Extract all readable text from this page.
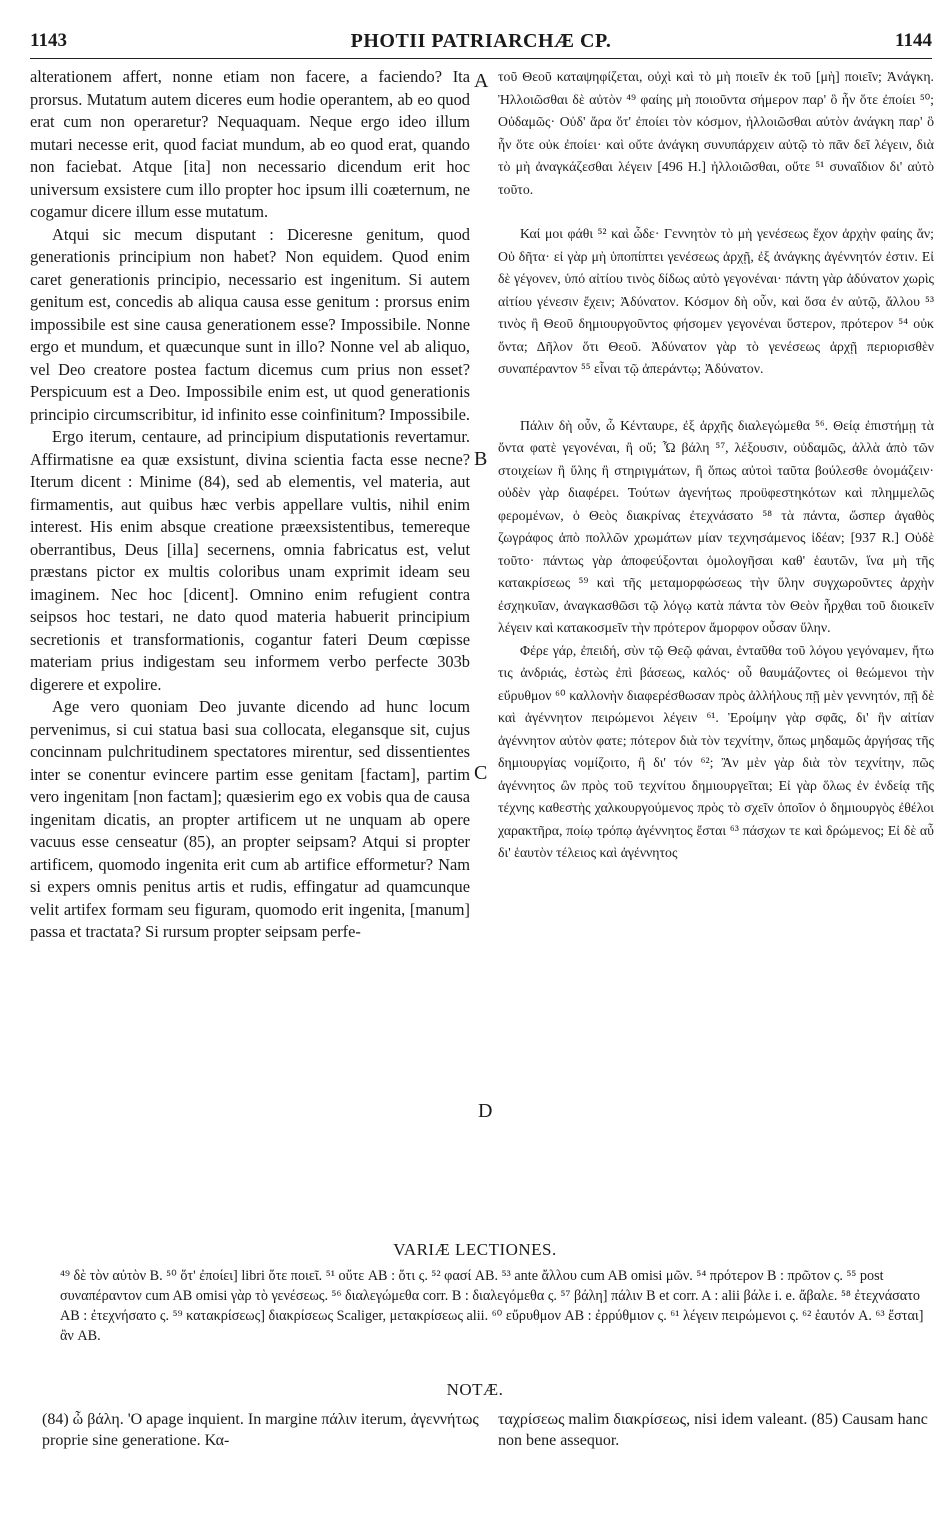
1143	PHOTII PATRIARCHÆ CP.	1144

alterationem affert, nonne etiam non facere, a faciendo? Ita prorsus. Mutatum autem diceres eum hodie operantem, ab eo quod erat cum non operaretur? Nequaquam. Neque ergo ideo illum mutari necesse erit, quod faciat mundum, ab eo quod erat, quando non faciebat. Atque [ita] non necessario dicendum erit hoc universum exsistere cum illo propter hoc ipsum illi coæternum, ne cogamur dicere illum esse mutatum.

Atqui sic mecum disputant : Diceresne genitum, quod generationis principium non habet? Non equidem. Quod enim caret generationis principio, necessario est ingenitum. Si autem genitum est, concedis ab aliqua causa esse genitum : prorsus enim impossibile est sine causa generationem esse? Impossibile. Nonne ergo et mundum, et quæcunque sunt in illo? Nonne vel ab aliquo, vel Deo creatore postea factum dicemus cum prius non esset? Perspicuum est a Deo. Impossibile enim est, ut quod generationis principio circumscribitur, id infinito esse coinfinitum? Impossibile.

Ergo iterum, centaure, ad principium disputationis revertamur. Affirmatisne ea quæ exsistunt, divina scientia facta esse necne? Iterum dicent : Minime (84), sed ab elementis, vel materia, aut firmamentis, aut quibus hæc verbis appellare vultis, nihil enim interest. His enim absque creatione præexsistentibus, temereque oberrantibus, Deus [illa] secernens, omnia fabricatus est, velut præstans pictor ex multis coloribus unam exprimit ideam seu imaginem. Nec hoc [dicent]. Omnino enim refugient contra seipsos hoc testari, ne dato quod materia habuerit principium secretionis et transformationis, cogantur fateri Deum cœpisse materiam prius indigestam seu informem verbo perfecte 303b digerere et expolire.

Age vero quoniam Deo juvante dicendo ad hunc locum pervenimus, si cui statua basi sua collocata, elegansque sit, cujus concinnam pulchritudinem spectatores mirentur, sed dissentientes inter se conentur evincere partim esse genitam [factam], partim vero ingenitam [non factam]; quæsierim ego ex vobis qua de causa ingenitam dicatis, an propter artificem ut ne unquam ab opere vacuus esse censeatur (85), an propter seipsam? Atqui si propter artificem, quomodo ingenita erit cum ab artifice efformetur? Nam si expers omnis penitus artis et rudis, effingatur ad quamcunque velit artifex formam seu figuram, quomodo erit ingenita, [manum] passa et tractata? Si rursum propter seipsam perfe-

A
B
C
D

τοῦ Θεοῦ καταψηφίζεται, οὐχὶ καὶ τὸ μὴ ποιεῖν ἐκ τοῦ [μὴ] ποιεῖν; Ἀνάγκη. Ἠλλοιῶσθαι δὲ αὐτὸν ⁴⁹ φαίης μὴ ποιοῦντα σήμερον παρ' ὃ ἦν ὅτε ἐποίει ⁵⁰; Οὐδαμῶς· Οὐδ' ἄρα ὅτ' ἐποίει τὸν κόσμον, ἠλλοιῶσθαι αὐτὸν ἀνάγκη παρ' ὃ ἦν ὅτε οὐκ ἐποίει· καὶ οὔτε ἀνάγκη συνυπάρχειν αὐτῷ τὸ πᾶν δεῖ λέγειν, διὰ τὸ μὴ ἀναγκάζεσθαι λέγειν [496 H.] ἠλλοιῶσθαι, οὔτε ⁵¹ συναΐδιον δι' αὐτὸ τοῦτο.

Καί μοι φάθι ⁵² καὶ ὧδε· Γεννητὸν τὸ μὴ γενέσεως ἔχον ἀρχὴν φαίης ἄν; Οὐ δῆτα· εἰ γὰρ μὴ ὑποπίπτει γενέσεως ἀρχῇ, ἐξ ἀνάγκης ἀγέννητόν ἐστιν. Εἰ δὲ γέγονεν, ὑπό αἰτίου τινὸς δίδως αὐτὸ γεγονέναι· πάντη γὰρ ἀδύνατον χωρὶς αἰτίου γένεσιν ἔχειν; Ἀδύνατον. Κόσμον δὴ οὖν, καὶ ὅσα ἐν αὐτῷ, ἄλλου ⁵³ τινὸς ἢ Θεοῦ δημιουργοῦντος φήσομεν γεγονέναι ὕστερον, πρότερον ⁵⁴ οὐκ ὄντα; Δῆλον ὅτι Θεοῦ. Ἀδύνατον γὰρ τὸ γενέσεως ἀρχῇ περιορισθὲν συναπέραντον ⁵⁵ εἶναι τῷ ἀπεράντῳ; Ἀδύνατον.

Πάλιν δὴ οὖν, ὦ Κένταυρε, ἐξ ἀρχῆς διαλεγώμεθα ⁵⁶. Θείᾳ ἐπιστήμῃ τὰ ὄντα φατὲ γεγονέναι, ἢ οὔ; Ὦ βάλη ⁵⁷, λέξουσιν, οὐδαμῶς, ἀλλὰ ἀπὸ τῶν στοιχείων ἢ ὕλης ἢ στηριγμάτων, ἢ ὅπως αὐτοὶ ταῦτα βούλεσθε ὀνομάζειν· οὐδὲν γὰρ διαφέρει. Τούτων ἀγενήτως προϋφεστηκότων καὶ πλημμελῶς φερομένων, ὁ Θεὸς διακρίνας ἐτεχνάσατο ⁵⁸ τὰ πάντα, ὥσπερ ἀγαθὸς ζωγράφος ἀπὸ πολλῶν χρωμάτων μίαν τεχνησάμενος ἰδέαν; [937 R.] Οὐδὲ τοῦτο· πάντως γὰρ ἀποφεύξονται ὁμολογῆσαι καθ' ἑαυτῶν, ἵνα μὴ τῆς κατακρίσεως ⁵⁹ καὶ τῆς μεταμορφώσεως τὴν ὕλην συγχωροῦντες ἀρχὴν ἐσχηκυῖαν, ἀναγκασθῶσι τῷ λόγῳ κατὰ πάντα τὸν Θεὸν ἦρχθαι τοῦ διοικεῖν λέγειν καὶ κατακοσμεῖν τὴν πρότερον ἄμορφον οὖσαν ὕλην.

Φέρε γάρ, ἐπειδή, σὺν τῷ Θεῷ φάναι, ἐνταῦθα τοῦ λόγου γεγόναμεν, ἤτω τις ἀνδριάς, ἑστὼς ἐπὶ βάσεως, καλός· οὗ θαυμάζοντες οἱ θεώμενοι τὴν εὔρυθμον ⁶⁰ καλλονὴν διαφερέσθωσαν πρὸς ἀλλήλους πῇ μὲν γεννητόν, πῇ δὲ καὶ ἀγέννητον πειρώμενοι λέγειν ⁶¹. Ἐροίμην γὰρ σφᾶς, δι' ἣν αἰτίαν ἀγέννητον αὐτὸν φατε; πότερον διὰ τὸν τεχνίτην, ὅπως μηδαμῶς ἀργήσας τῆς δημιουργίας νομίζοιτο, ἢ δι' τόν ⁶²; Ἂν μὲν γὰρ διὰ τὸν τεχνίτην, πῶς ἀγέννητος ὢν πρὸς τοῦ τεχνίτου δημιουργεῖται; Εἰ γὰρ ὅλως ἐν ἐνδείᾳ τῆς τέχνης καθεστὴς χαλκουργούμενος πρὸς τὸ σχεῖν ὁποῖον ὁ δημιουργὸς ἐθέλοι χαρακτῆρα, ποίῳ τρόπῳ ἀγέννητος ἔσται ⁶³ πάσχων τε καὶ δρώμενος; Εἰ δὲ αὖ δι' ἑαυτὸν τέλειος καὶ ἀγέννητος

VARIÆ LECTIONES.
⁴⁹ δὲ τὸν αὐτὸν B. ⁵⁰ ὅτ' ἐποίει] libri ὅτε ποιεῖ. ⁵¹ οὔτε AB : ὅτι ς. ⁵² φασί AB. ⁵³ ante ἄλλου cum AB omisi μῶν. ⁵⁴ πρότερον B : πρῶτον ς. ⁵⁵ post συναπέραντον cum AB omisi γὰρ τὸ γενέσεως. ⁵⁶ διαλεγώμεθα corr. B : διαλεγόμεθα ς. ⁵⁷ βάλη] πάλιν B et corr. A : alii βάλε i. e. ἄβαλε. ⁵⁸ ἐτεχνάσατο AB : ἐτεχνήσατο ς. ⁵⁹ κατακρίσεως] διακρίσεως Scaliger, μετακρίσεως alii. ⁶⁰ εὔρυθμον AB : ἐρρύθμιον ς. ⁶¹ λέγειν πειρώμενοι ς. ⁶² ἑαυτόν A. ⁶³ ἔσται] ἂν AB.
NOTÆ.
(84) ὦ βάλη. 'O apage inquient. In margine πάλιν iterum, ἀγεννήτως proprie sine generatione. Κα-
ταχρίσεως malim διακρίσεως, nisi idem valeant. (85) Causam hanc non bene assequor.
